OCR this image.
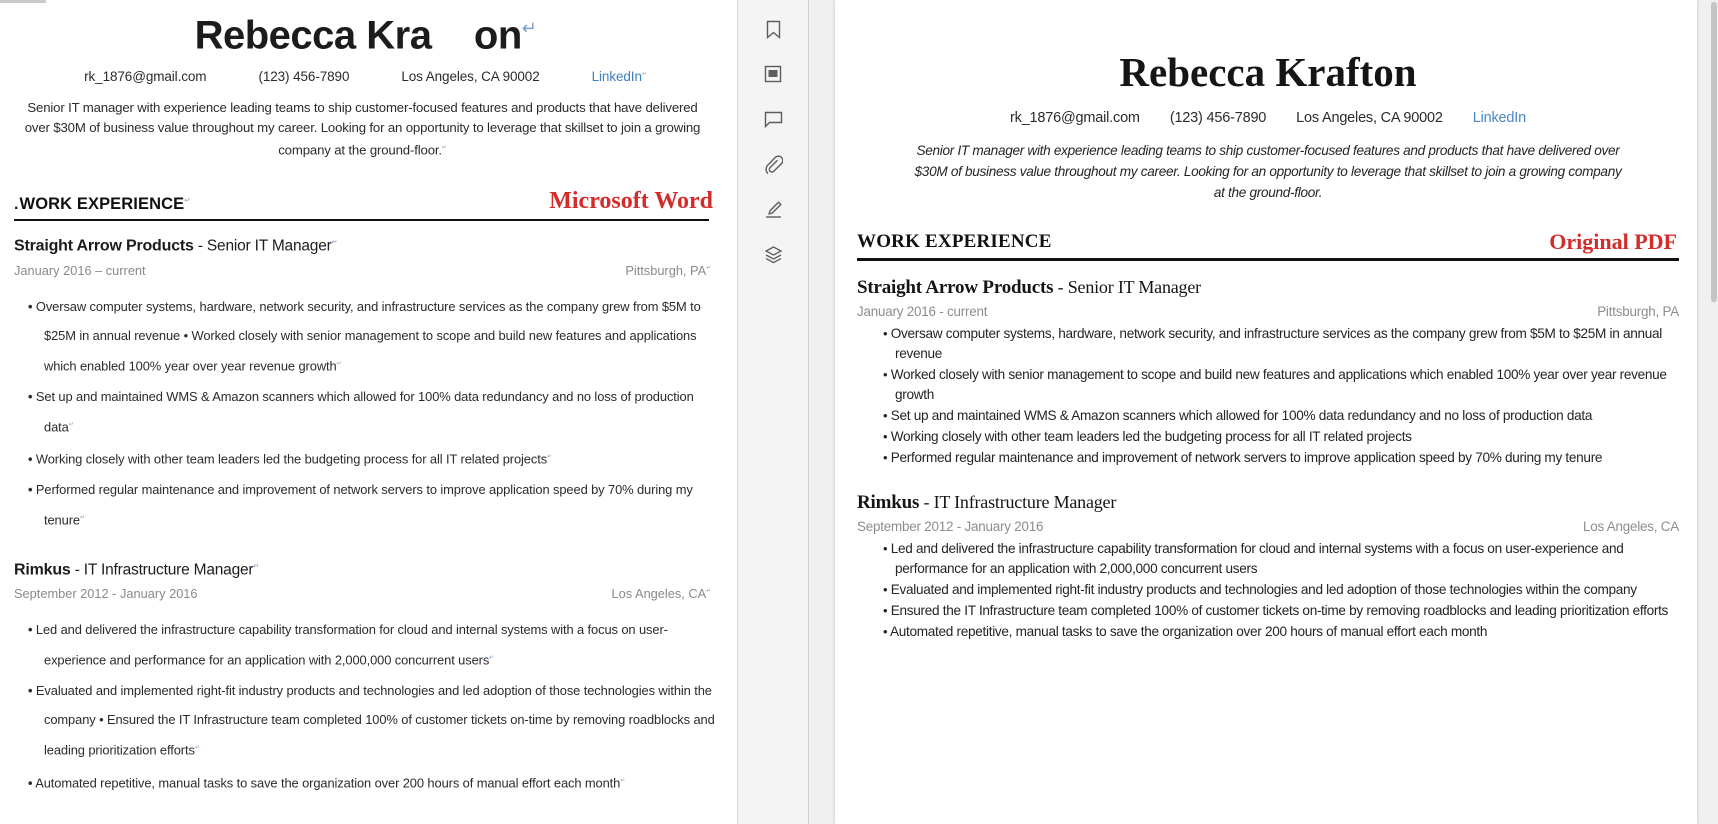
Rebecca Kra    on↵
rk_1876@gmail.com	(123) 456-7890	Los Angeles, CA 90002	LinkedIn↵
Senior IT manager with experience leading teams to ship customer-focused features and products that have delivered over $30M of business value throughout my career. Looking for an opportunity to leverage that skillset to join a growing company at the ground-floor.↵
.WORK EXPERIENCE↵	Microsoft Word
Straight Arrow Products - Senior IT Manager↵
January 2016 – current	Pittsburgh, PA↵
• Oversaw computer systems, hardware, network security, and infrastructure services as the company grew from $5M to $25M in annual revenue • Worked closely with senior management to scope and build new features and applications which enabled 100% year over year revenue growth↵
• Set up and maintained WMS & Amazon scanners which allowed for 100% data redundancy and no loss of production data↵
• Working closely with other team leaders led the budgeting process for all IT related projects↵
• Performed regular maintenance and improvement of network servers to improve application speed by 70% during my tenure↵
Rimkus - IT Infrastructure Manager↵
September 2012 - January 2016	Los Angeles, CA↵
• Led and delivered the infrastructure capability transformation for cloud and internal systems with a focus on user-experience and performance for an application with 2,000,000 concurrent users↵
• Evaluated and implemented right-fit industry products and technologies and led adoption of those technologies within the company • Ensured the IT Infrastructure team completed 100% of customer tickets on-time by removing roadblocks and leading prioritization efforts↵
• Automated repetitive, manual tasks to save the organization over 200 hours of manual effort each month↵
Rebecca Krafton
rk_1876@gmail.com (123) 456-7890 Los Angeles, CA 90002 LinkedIn
Senior IT manager with experience leading teams to ship customer-focused features and products that have delivered over $30M of business value throughout my career. Looking for an opportunity to leverage that skillset to join a growing company at the ground-floor.
WORK EXPERIENCE	Original PDF
Straight Arrow Products - Senior IT Manager
January 2016 - current	Pittsburgh, PA
• Oversaw computer systems, hardware, network security, and infrastructure services as the company grew from $5M to $25M in annual revenue
• Worked closely with senior management to scope and build new features and applications which enabled 100% year over year revenue growth
• Set up and maintained WMS & Amazon scanners which allowed for 100% data redundancy and no loss of production data
• Working closely with other team leaders led the budgeting process for all IT related projects
• Performed regular maintenance and improvement of network servers to improve application speed by 70% during my tenure
Rimkus - IT Infrastructure Manager
September 2012 - January 2016	Los Angeles, CA
• Led and delivered the infrastructure capability transformation for cloud and internal systems with a focus on user-experience and performance for an application with 2,000,000 concurrent users
• Evaluated and implemented right-fit industry products and technologies and led adoption of those technologies within the company
• Ensured the IT Infrastructure team completed 100% of customer tickets on-time by removing roadblocks and leading prioritization efforts
• Automated repetitive, manual tasks to save the organization over 200 hours of manual effort each month
